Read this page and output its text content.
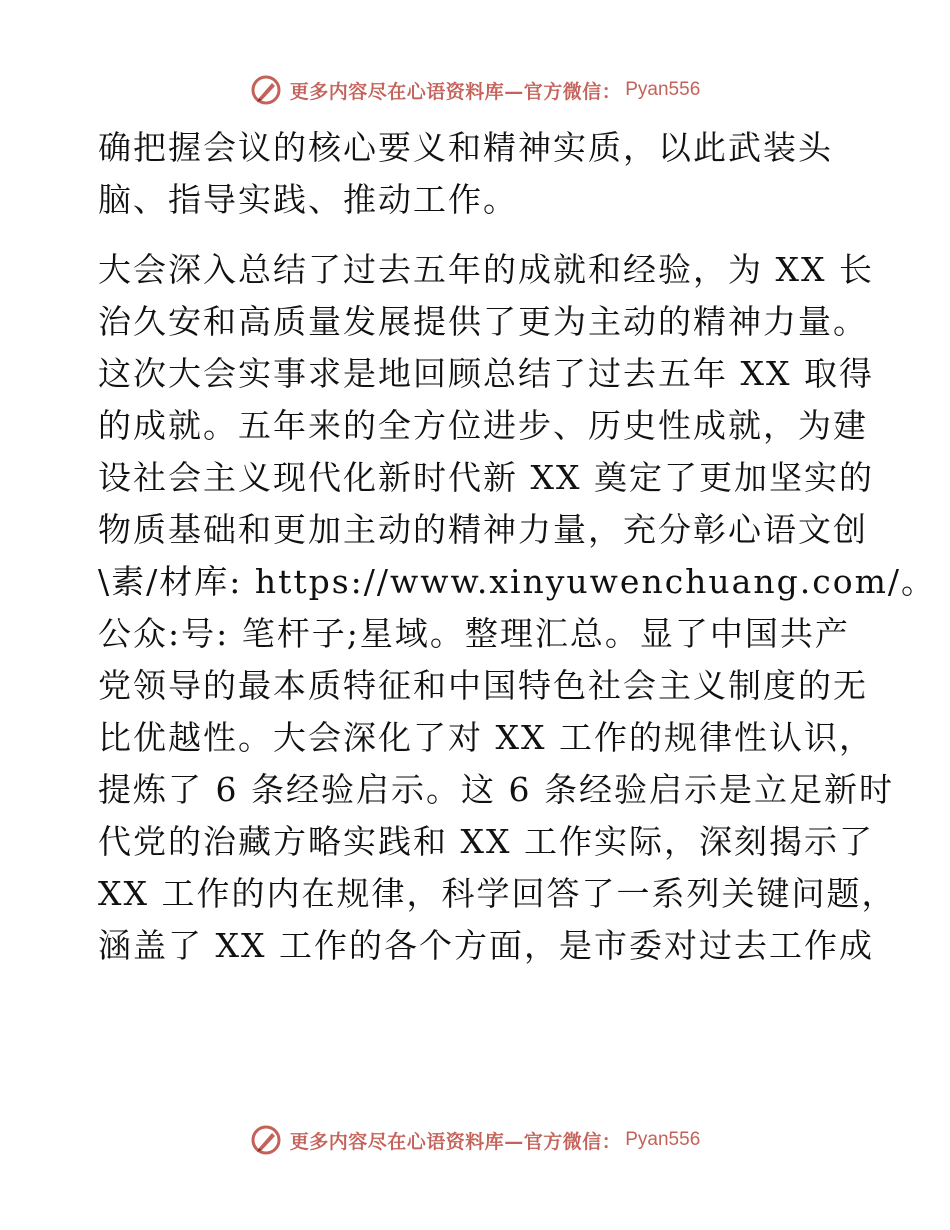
更多内容尽在心语资料库—官方微信： Pyan556
确把握会议的核心要义和精神实质，以此武装头
脑、指导实践、推动工作。
大会深入总结了过去五年的成就和经验，为 XX 长
治久安和高质量发展提供了更为主动的精神力量。
这次大会实事求是地回顾总结了过去五年 XX 取得
的成就。五年来的全方位进步、历史性成就，为建
设社会主义现代化新时代新 XX 奠定了更加坚实的
物质基础和更加主动的精神力量，充分彰心语文创
\素/材库: https://www.xinyuwenchuang.com/。
公众:号: 笔杆子;星域。整理汇总。显了中国共产
党领导的最本质特征和中国特色社会主义制度的无
比优越性。大会深化了对 XX 工作的规律性认识，
提炼了 6 条经验启示。这 6 条经验启示是立足新时
代党的治藏方略实践和 XX 工作实际，深刻揭示了
XX 工作的内在规律，科学回答了一系列关键问题，
涵盖了 XX 工作的各个方面，是市委对过去工作成
更多内容尽在心语资料库—官方微信： Pyan556
